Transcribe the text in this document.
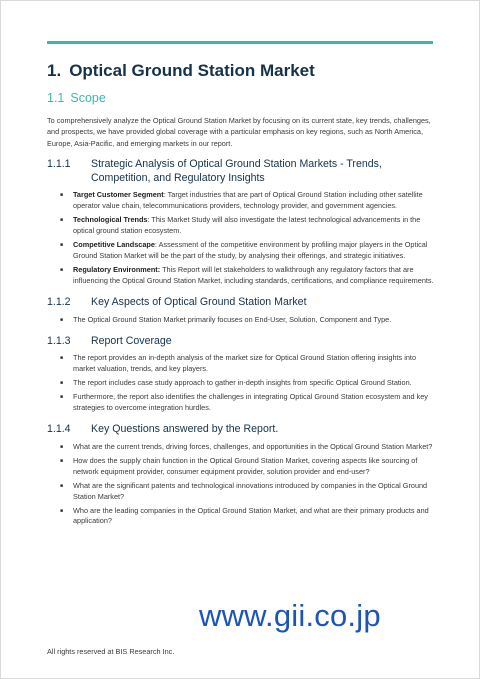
1. Optical Ground Station Market
1.1 Scope

To comprehensively analyze the Optical Ground Station Market by focusing on its current state, key trends, challenges, and prospects, we have provided global coverage with a particular emphasis on key regions, such as North America, Europe, Asia-Pacific, and emerging markets in our report.

1.1.1	Strategic Analysis of Optical Ground Station Markets - Trends, Competition, and Regulatory Insights
■ Target Customer Segment: Target industries that are part of Optical Ground Station including other satellite operator value chain, telecommunications providers, technology provider, and government agencies.
■ Technological Trends: This Market Study will also investigate the latest technological advancements in the optical ground station ecosystem.
■ Competitive Landscape: Assessment of the competitive environment by profiling major players in the Optical Ground Station Market will be the part of the study, by analysing their offerings, and strategic initiatives.
■ Regulatory Environment: This Report will let stakeholders to walkthrough any regulatory factors that are influencing the Optical Ground Station Market, including standards, certifications, and compliance requirements.
1.1.2	Key Aspects of Optical Ground Station Market
■ The Optical Ground Station Market primarily focuses on End-User, Solution, Component and Type.
1.1.3	Report Coverage
■ The report provides an in-depth analysis of the market size for Optical Ground Station offering insights into market valuation, trends, and key players.
■ The report includes case study approach to gather in-depth insights from specific Optical Ground Station.
■ Furthermore, the report also identifies the challenges in integrating Optical Ground Station ecosystem and key strategies to overcome integration hurdles.
1.1.4	Key Questions answered by the Report.
■ What are the current trends, driving forces, challenges, and opportunities in the Optical Ground Station Market?
■ How does the supply chain function in the Optical Ground Station Market, covering aspects like sourcing of network equipment provider, consumer equipment provider, solution provider and end-user?
■ What are the significant patents and technological innovations introduced by companies in the Optical Ground Station Market?
■ Who are the leading companies in the Optical Ground Station Market, and what are their primary products and application?
www.gii.co.jp
All rights reserved at BIS Research Inc.
